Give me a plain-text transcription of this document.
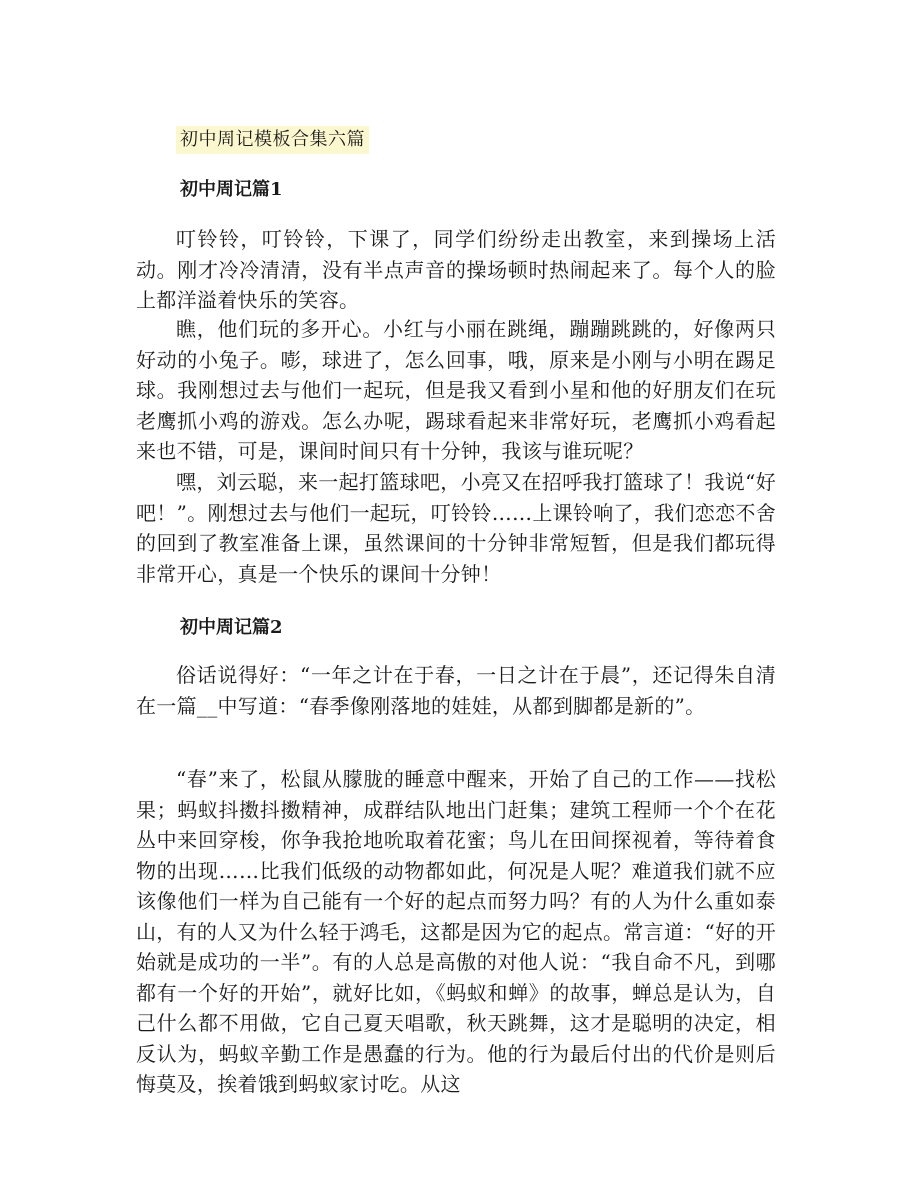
初中周记模板合集六篇
初中周记篇1

叮铃铃，叮铃铃，下课了，同学们纷纷走出教室，来到操场上活动。刚才冷冷清清，没有半点声音的操场顿时热闹起来了。每个人的脸上都洋溢着快乐的笑容。

瞧，他们玩的多开心。小红与小丽在跳绳，蹦蹦跳跳的，好像两只好动的小兔子。嘭，球进了，怎么回事，哦，原来是小刚与小明在踢足球。我刚想过去与他们一起玩，但是我又看到小星和他的好朋友们在玩老鹰抓小鸡的游戏。怎么办呢，踢球看起来非常好玩，老鹰抓小鸡看起来也不错，可是，课间时间只有十分钟，我该与谁玩呢？

嘿，刘云聪，来一起打篮球吧，小亮又在招呼我打篮球了！我说“好吧！”。刚想过去与他们一起玩，叮铃铃……上课铃响了，我们恋恋不舍的回到了教室准备上课，虽然课间的十分钟非常短暂，但是我们都玩得非常开心，真是一个快乐的课间十分钟！

初中周记篇2

俗话说得好：“一年之计在于春，一日之计在于晨”，还记得朱自清在一篇__中写道：“春季像刚落地的娃娃，从都到脚都是新的”。

“春”来了，松鼠从朦胧的睡意中醒来，开始了自己的工作——找松果；蚂蚁抖擞抖擞精神，成群结队地出门赶集；建筑工程师一个个在花丛中来回穿梭，你争我抢地吮取着花蜜；鸟儿在田间探视着，等待着食物的出现……比我们低级的动物都如此，何况是人呢？难道我们就不应该像他们一样为自己能有一个好的起点而努力吗？有的人为什么重如泰山，有的人又为什么轻于鸿毛，这都是因为它的起点。常言道：“好的开始就是成功的一半”。有的人总是高傲的对他人说：“我自命不凡，到哪都有一个好的开始”，就好比如，《蚂蚁和蝉》的故事，蝉总是认为，自己什么都不用做，它自己夏天唱歌，秋天跳舞，这才是聪明的决定，相反认为，蚂蚁辛勤工作是愚蠢的行为。他的行为最后付出的代价是则后悔莫及，挨着饿到蚂蚁家讨吃。从这
